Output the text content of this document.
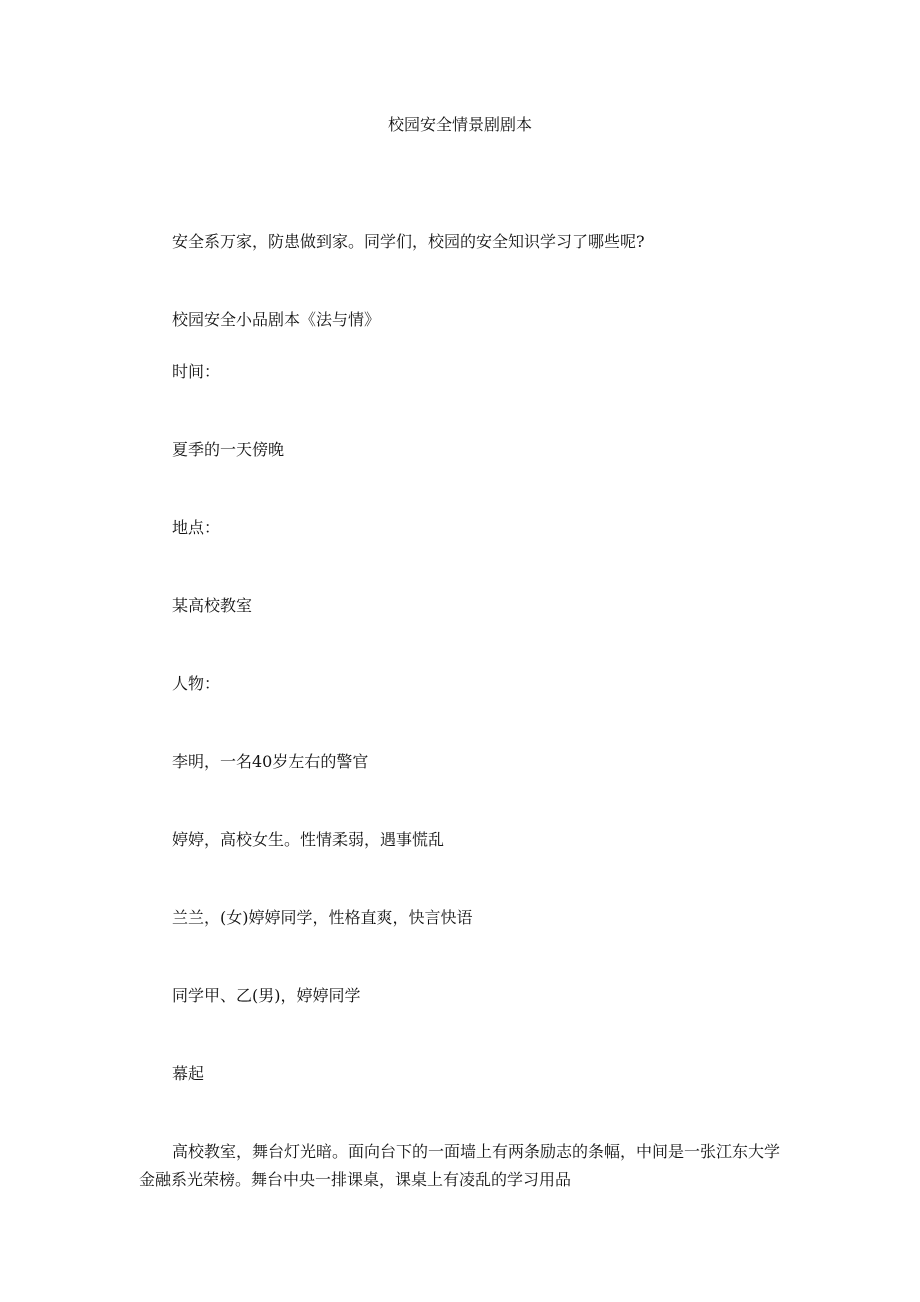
校园安全情景剧剧本
安全系万家，防患做到家。同学们，校园的安全知识学习了哪些呢?
校园安全小品剧本《法与情》
时间：
夏季的一天傍晚
地点：
某高校教室
人物：
李明，一名40岁左右的警官
婷婷，高校女生。性情柔弱，遇事慌乱
兰兰，(女)婷婷同学，性格直爽，快言快语
同学甲、乙(男)，婷婷同学
幕起
高校教室，舞台灯光暗。面向台下的一面墙上有两条励志的条幅，中间是一张江东大学金融系光荣榜。舞台中央一排课桌，课桌上有凌乱的学习用品
